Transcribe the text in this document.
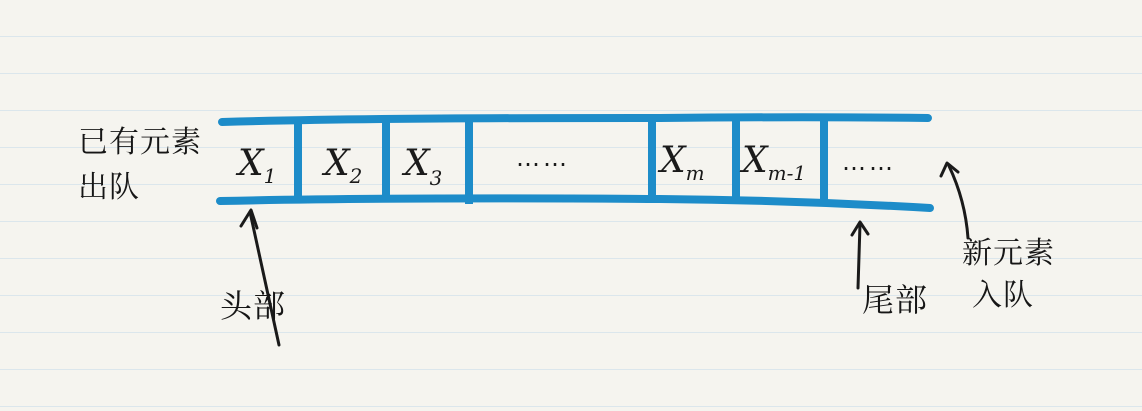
$X_1$ $X_2$ $X_3$
……	$X_m$ $X_{m-1}$ ……
已有元素
出队
头部	尾部
新元素
入队
